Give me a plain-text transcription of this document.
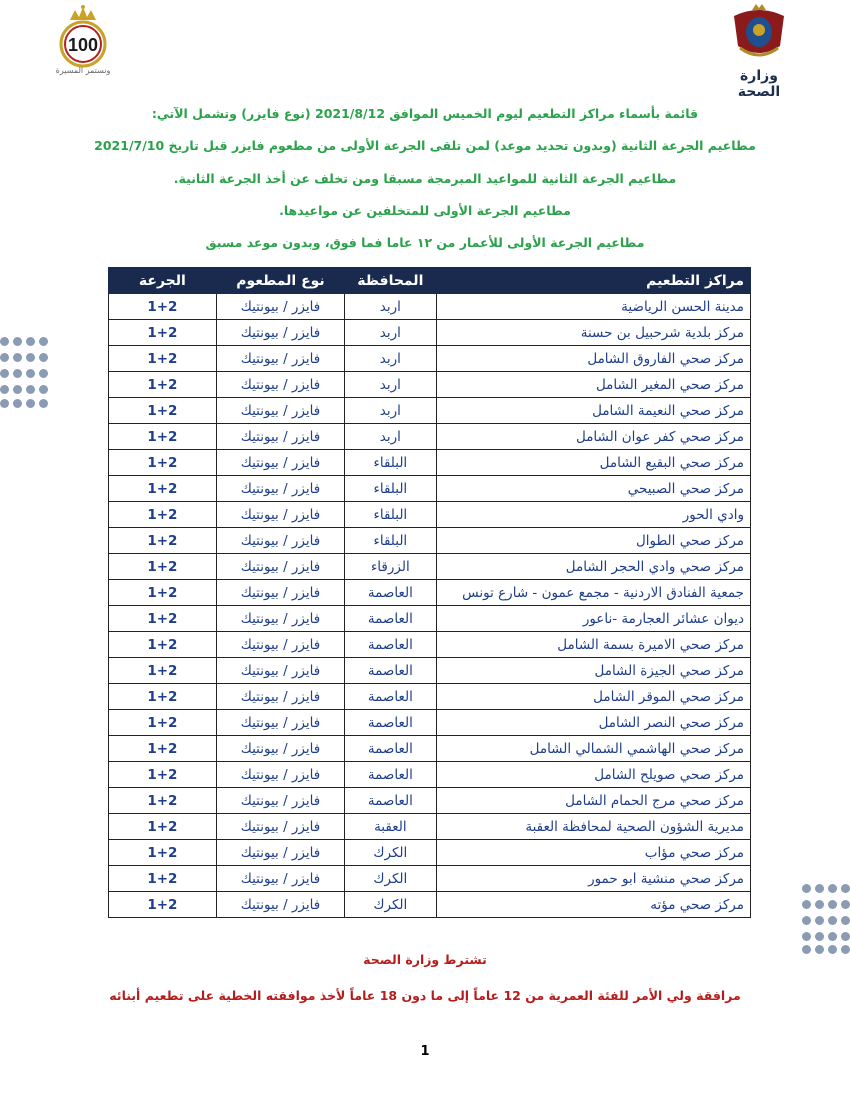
100
ونستمر المسيرة	وزارة الصحة
قائمة بأسماء مراكز التطعيم ليوم الخميس الموافق 2021/8/12 (نوع فايزر) وتشمل الآتي:
مطاعيم الجرعة الثانية (وبدون تحديد موعد) لمن تلقى الجرعة الأولى من مطعوم فايزر قبل تاريخ 2021/7/10
مطاعيم الجرعة الثانية للمواعيد المبرمجة مسبقا ومن تخلف عن أخذ الجرعة الثانية.
مطاعيم الجرعة الأولى للمتخلفين عن مواعيدها.
مطاعيم الجرعة الأولى للأعمار من ١٢ عاما فما فوق، وبدون موعد مسبق
مراكز التطعيم	المحافظة	نوع المطعوم	الجرعة
مدينة الحسن الرياضية	اربد	فايزر / بيونتيك	1+2
مركز بلدية شرحبيل بن حسنة	اربد	فايزر / بيونتيك	1+2
مركز صحي الفاروق الشامل	اربد	فايزر / بيونتيك	1+2
مركز صحي المغير الشامل	اربد	فايزر / بيونتيك	1+2
مركز صحي النعيمة الشامل	اربد	فايزر / بيونتيك	1+2
مركز صحي كفر عوان الشامل	اربد	فايزر / بيونتيك	1+2
مركز صحي البقيع الشامل	البلقاء	فايزر / بيونتيك	1+2
مركز صحي الصبيحي	البلقاء	فايزر / بيونتيك	1+2
وادي الحور	البلقاء	فايزر / بيونتيك	1+2
مركز صحي الطوال	البلقاء	فايزر / بيونتيك	1+2
مركز صحي وادي الحجر الشامل	الزرقاء	فايزر / بيونتيك	1+2
جمعية الفنادق الاردنية - مجمع عمون - شارع تونس	العاصمة	فايزر / بيونتيك	1+2
ديوان عشائر العجارمة -ناعور	العاصمة	فايزر / بيونتيك	1+2
مركز صحي الاميرة بسمة الشامل	العاصمة	فايزر / بيونتيك	1+2
مركز صحي الجيزة الشامل	العاصمة	فايزر / بيونتيك	1+2
مركز صحي الموقر الشامل	العاصمة	فايزر / بيونتيك	1+2
مركز صحي النصر الشامل	العاصمة	فايزر / بيونتيك	1+2
مركز صحي الهاشمي الشمالي الشامل	العاصمة	فايزر / بيونتيك	1+2
مركز صحي صويلح الشامل	العاصمة	فايزر / بيونتيك	1+2
مركز صحي مرج الحمام الشامل	العاصمة	فايزر / بيونتيك	1+2
مديرية الشؤون الصحية لمحافظة العقبة	العقبة	فايزر / بيونتيك	1+2
مركز صحي مؤاب	الكرك	فايزر / بيونتيك	1+2
مركز صحي منشية ابو حمور	الكرك	فايزر / بيونتيك	1+2
مركز صحي مؤته	الكرك	فايزر / بيونتيك	1+2
تشترط وزارة الصحة
مرافقة ولي الأمر للفئة العمرية من 12 عاماً إلى ما دون 18 عاماً لأخذ موافقته الخطية على تطعيم أبنائه
1
